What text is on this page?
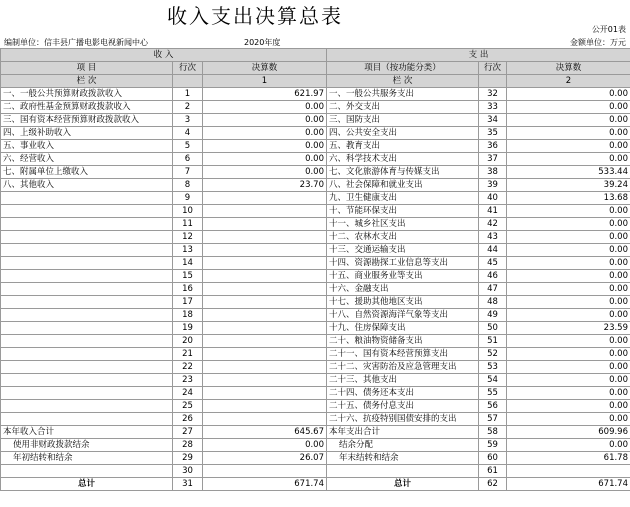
收入支出决算总表
公开01表
编制单位：信丰县广播电影电视新闻中心	2020年度	金额单位：万元
收 入			支 出		
项 目	行次	决算数	项目（按功能分类）	行次	决算数
栏 次		1	栏 次		2
一、一般公共预算财政拨款收入	1	621.97	一、一般公共服务支出	32	0.00
二、政府性基金预算财政拨款收入	2	0.00	二、外交支出	33	0.00
三、国有资本经营预算财政拨款收入	3	0.00	三、国防支出	34	0.00
四、上级补助收入	4	0.00	四、公共安全支出	35	0.00
五、事业收入	5	0.00	五、教育支出	36	0.00
六、经营收入	6	0.00	六、科学技术支出	37	0.00
七、附属单位上缴收入	7	0.00	七、文化旅游体育与传媒支出	38	533.44
八、其他收入	8	23.70	八、社会保障和就业支出	39	39.24
	9		九、卫生健康支出	40	13.68
	10		十、节能环保支出	41	0.00
	11		十一、城乡社区支出	42	0.00
	12		十二、农林水支出	43	0.00
	13		十三、交通运输支出	44	0.00
	14		十四、资源勘探工业信息等支出	45	0.00
	15		十五、商业服务业等支出	46	0.00
	16		十六、金融支出	47	0.00
	17		十七、援助其他地区支出	48	0.00
	18		十八、自然资源海洋气象等支出	49	0.00
	19		十九、住房保障支出	50	23.59
	20		二十、粮油物资储备支出	51	0.00
	21		二十一、国有资本经营预算支出	52	0.00
	22		二十二、灾害防治及应急管理支出	53	0.00
	23		二十三、其他支出	54	0.00
	24		二十四、债务还本支出	55	0.00
	25		二十五、债务付息支出	56	0.00
	26		二十六、抗疫特别国债安排的支出	57	0.00
本年收入合计	27	645.67	本年支出合计	58	609.96
使用非财政拨款结余	28	0.00	结余分配	59	0.00
年初结转和结余	29	26.07	年末结转和结余	60	61.78
	30			61	
总计	31	671.74	总计	62	671.74
